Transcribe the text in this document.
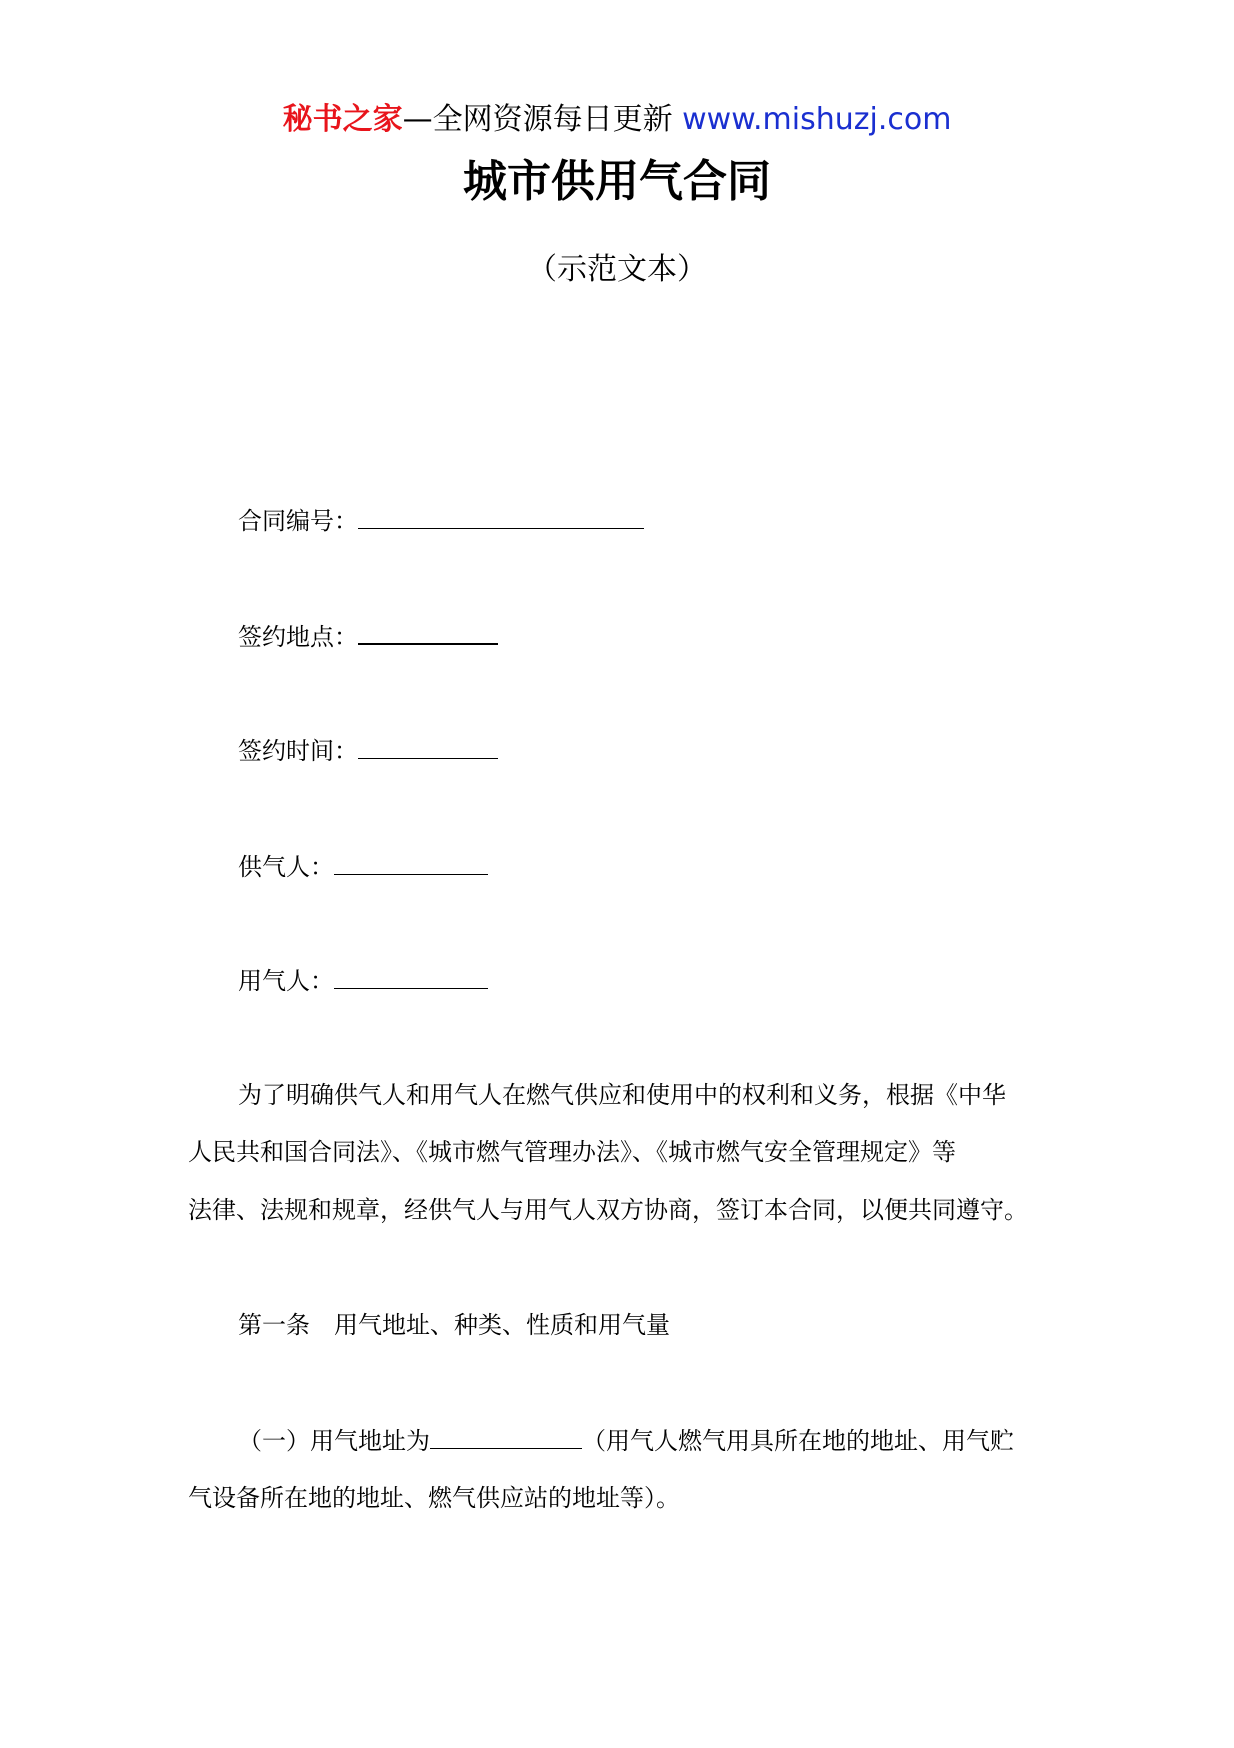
秘书之家—全网资源每日更新 www.mishuzj.com
城市供用气合同
（示范文本）
合同编号：
签约地点：
签约时间：
供气人：
用气人：
为了明确供气人和用气人在燃气供应和使用中的权利和义务，根据《中华
人民共和国合同法》、《城市燃气管理办法》、《城市燃气安全管理规定》等
法律、法规和规章，经供气人与用气人双方协商，签订本合同，以便共同遵守。
第一条　用气地址、种类、性质和用气量
（一）用气地址为	（用气人燃气用具所在地的地址、用气贮
气设备所在地的地址、燃气供应站的地址等）。
